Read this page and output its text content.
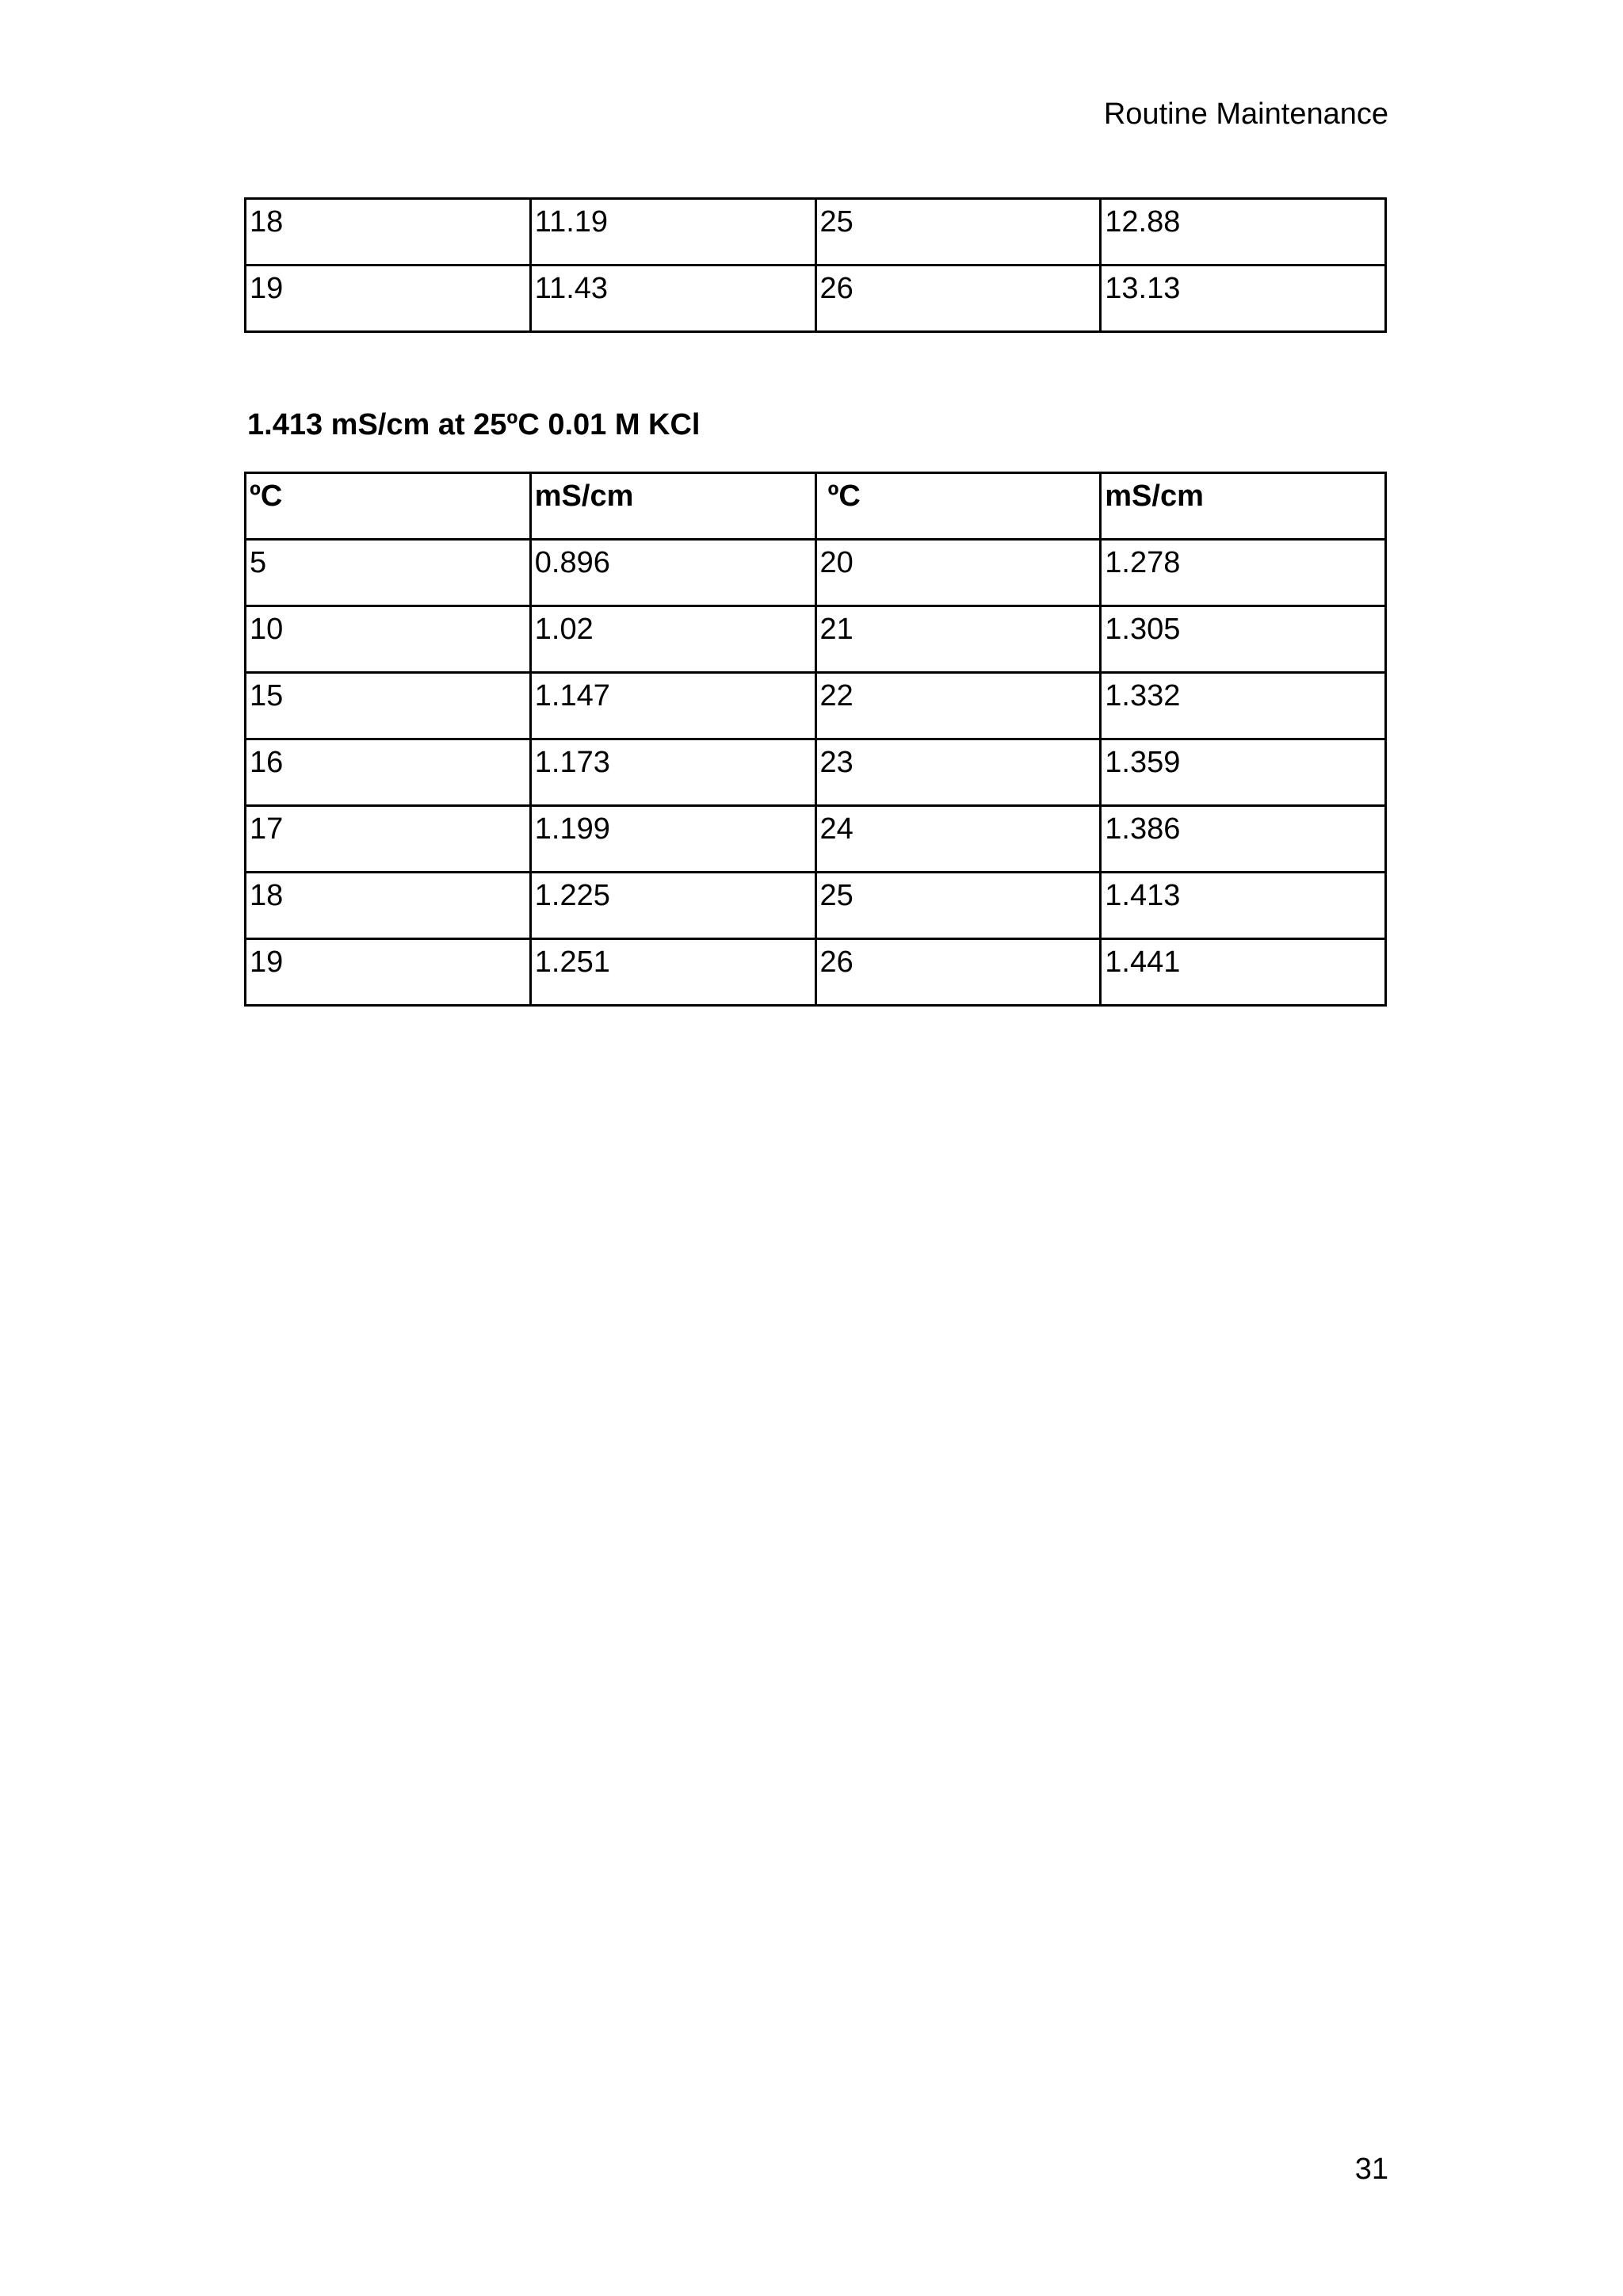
Routine Maintenance
18	11.19	25	12.88
19	11.43	26	13.13
1.413 mS/cm at 25ºC 0.01 M KCl
ºC	mS/cm	ºC	mS/cm
5	0.896	20	1.278
10	1.02	21	1.305
15	1.147	22	1.332
16	1.173	23	1.359
17	1.199	24	1.386
18	1.225	25	1.413
19	1.251	26	1.441
31
